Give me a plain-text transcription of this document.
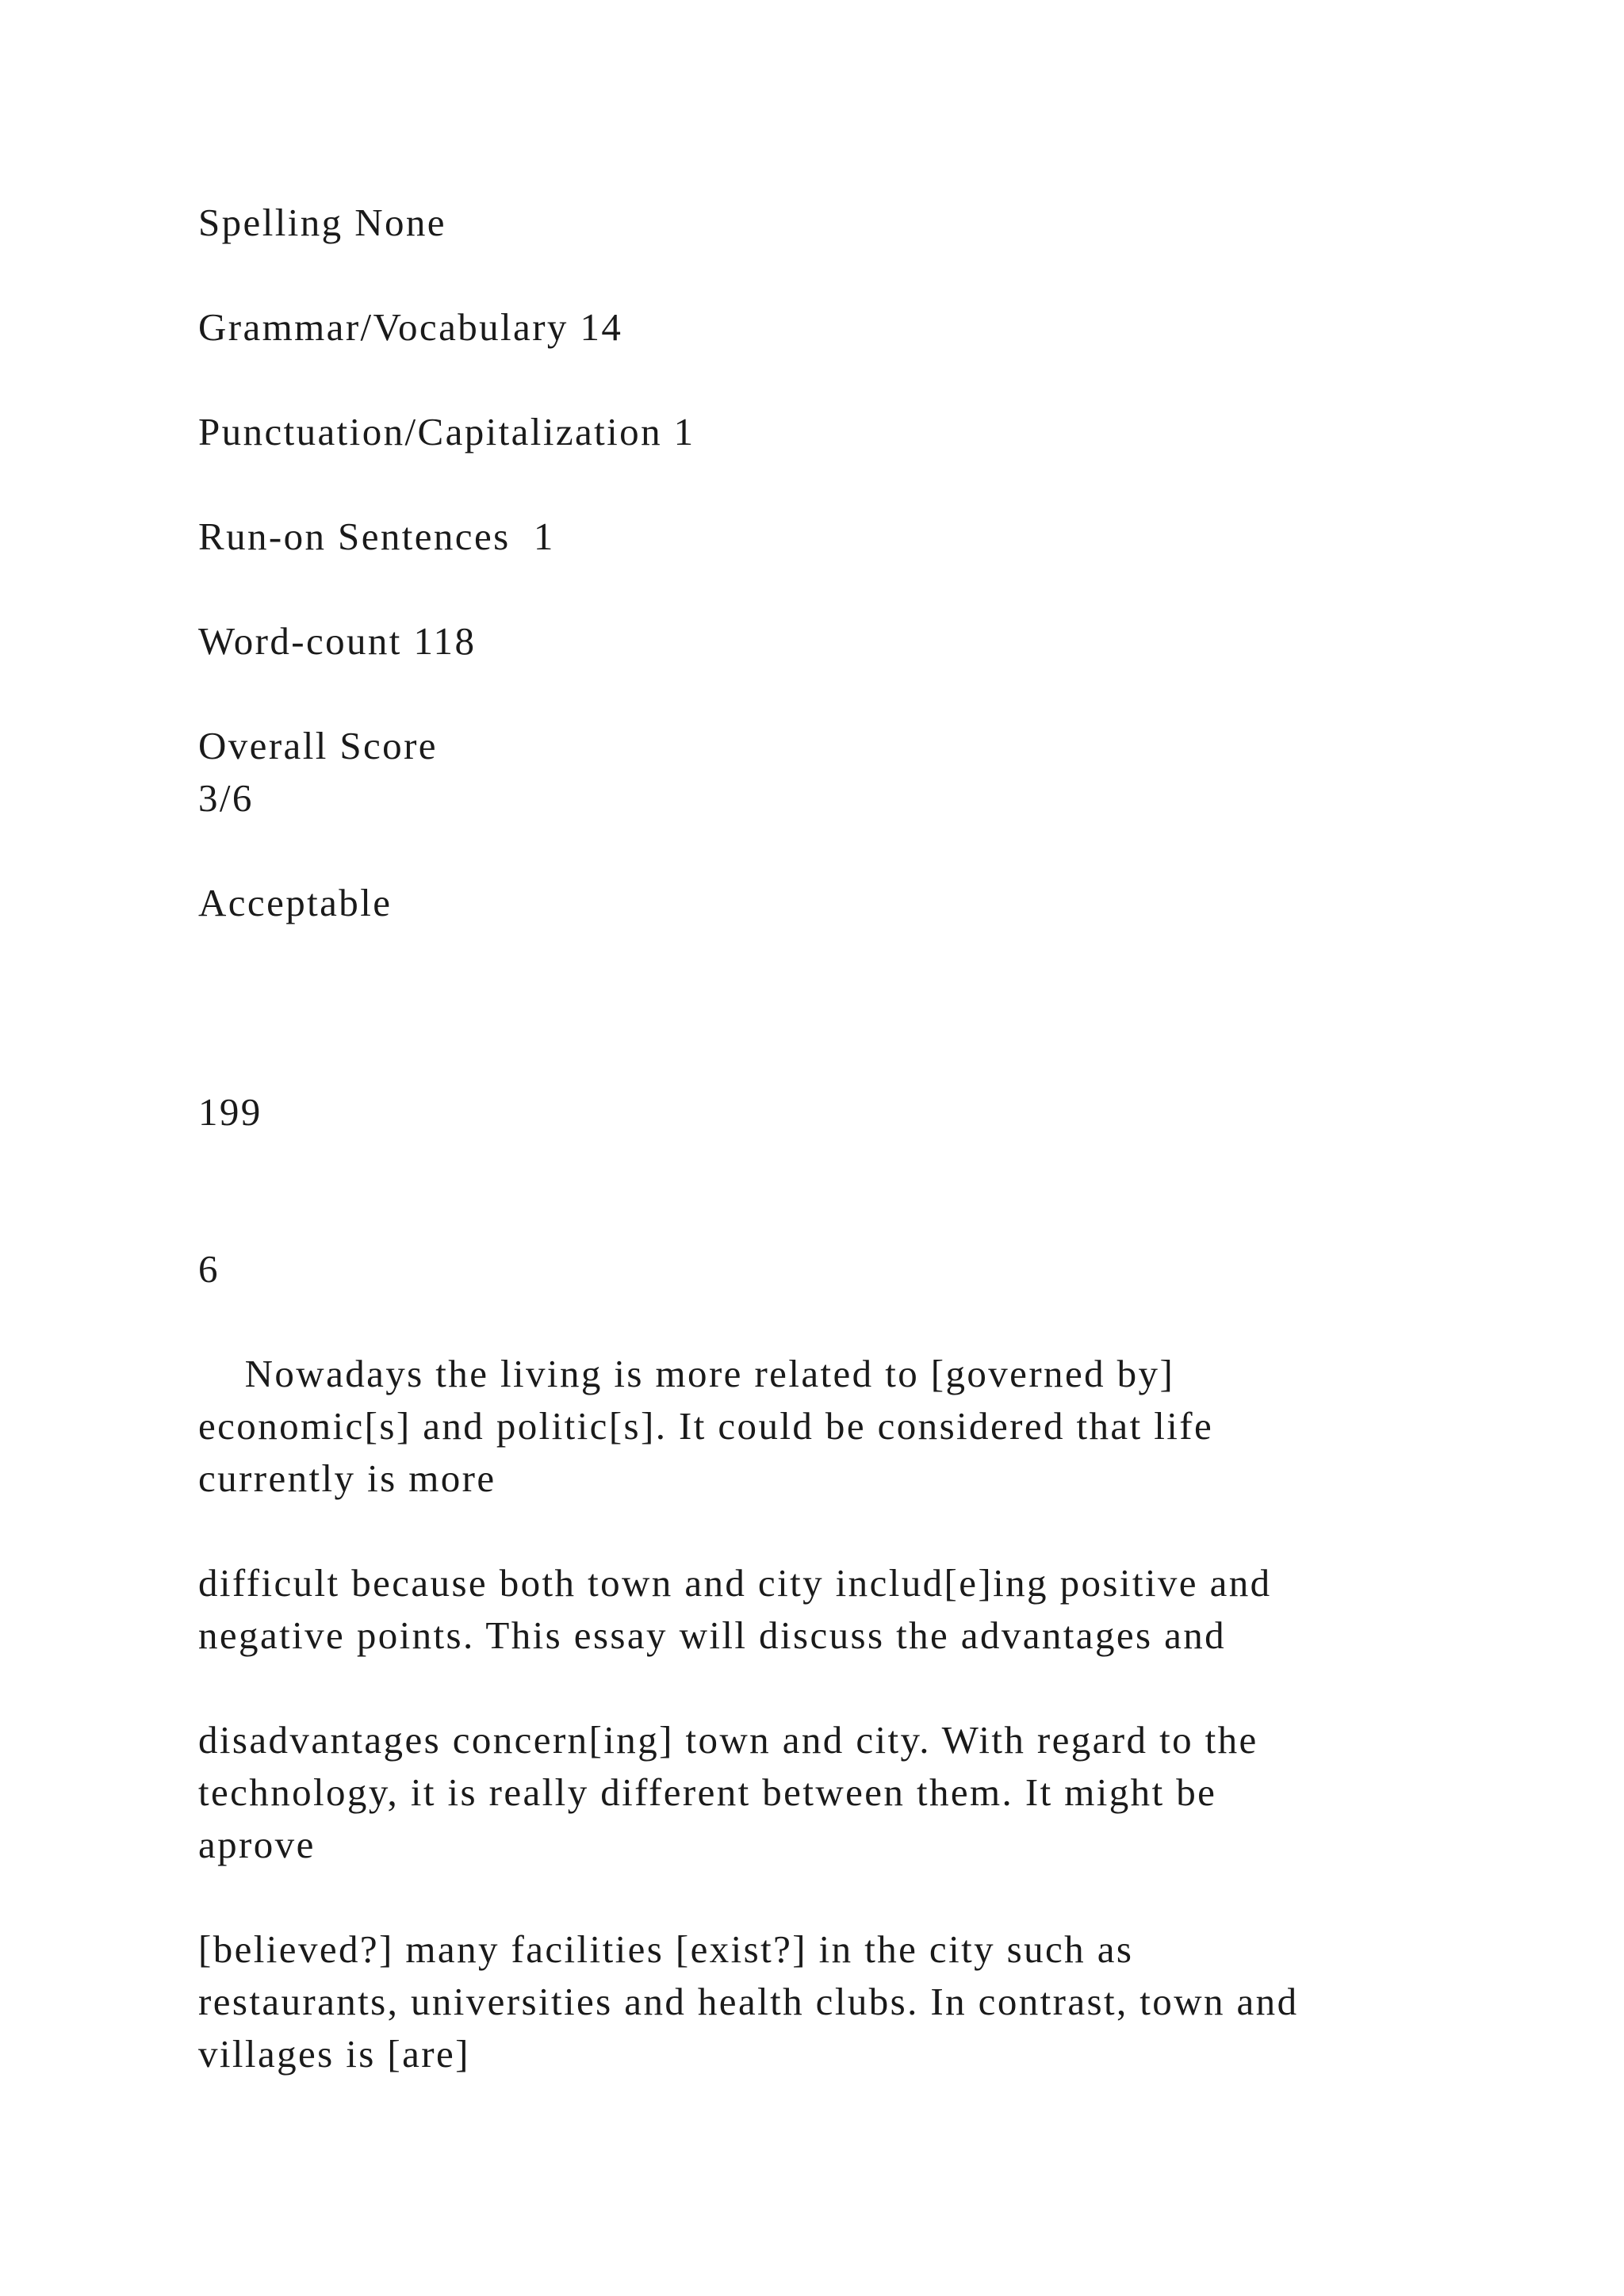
Spelling None

Grammar/Vocabulary 14

Punctuation/Capitalization 1

Run-on Sentences  1

Word-count 118

Overall Score

3/6

Acceptable

199

6

Nowadays the living is more related to [governed by]

economic[s] and politic[s]. It could be considered that life

currently is more

difficult because both town and city includ[e]ing positive and

negative points. This essay will discuss the advantages and

disadvantages concern[ing] town and city. With regard to the

technology, it is really different between them. It might be

aprove

[believed?] many facilities [exist?] in the city such as

restaurants, universities and health clubs. In contrast, town and

villages is [are]
